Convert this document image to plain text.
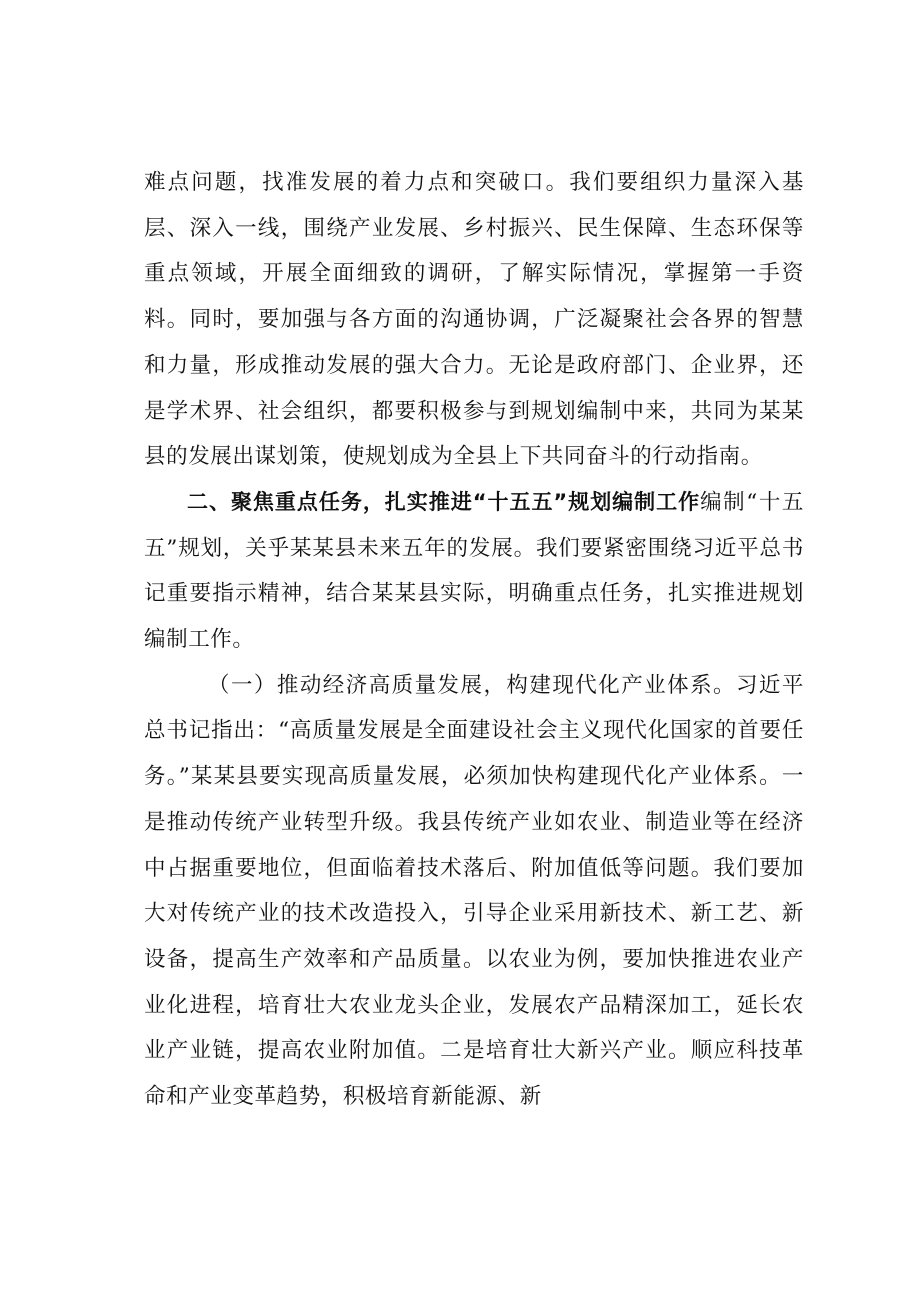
难点问题，找准发展的着力点和突破口。我们要组织力量深入基层、深入一线，围绕产业发展、乡村振兴、民生保障、生态环保等重点领域，开展全面细致的调研，了解实际情况，掌握第一手资料。同时，要加强与各方面的沟通协调，广泛凝聚社会各界的智慧和力量，形成推动发展的强大合力。无论是政府部门、企业界，还是学术界、社会组织，都要积极参与到规划编制中来，共同为某某县的发展出谋划策，使规划成为全县上下共同奋斗的行动指南。

二、聚焦重点任务，扎实推进“十五五”规划编制工作编制“十五五”规划，关乎某某县未来五年的发展。我们要紧密围绕习近平总书记重要指示精神，结合某某县实际，明确重点任务，扎实推进规划编制工作。

（一）推动经济高质量发展，构建现代化产业体系。习近平总书记指出：“高质量发展是全面建设社会主义现代化国家的首要任务。”某某县要实现高质量发展，必须加快构建现代化产业体系。一是推动传统产业转型升级。我县传统产业如农业、制造业等在经济中占据重要地位，但面临着技术落后、附加值低等问题。我们要加大对传统产业的技术改造投入，引导企业采用新技术、新工艺、新设备，提高生产效率和产品质量。以农业为例，要加快推进农业产业化进程，培育壮大农业龙头企业，发展农产品精深加工，延长农业产业链，提高农业附加值。二是培育壮大新兴产业。顺应科技革命和产业变革趋势，积极培育新能源、新
